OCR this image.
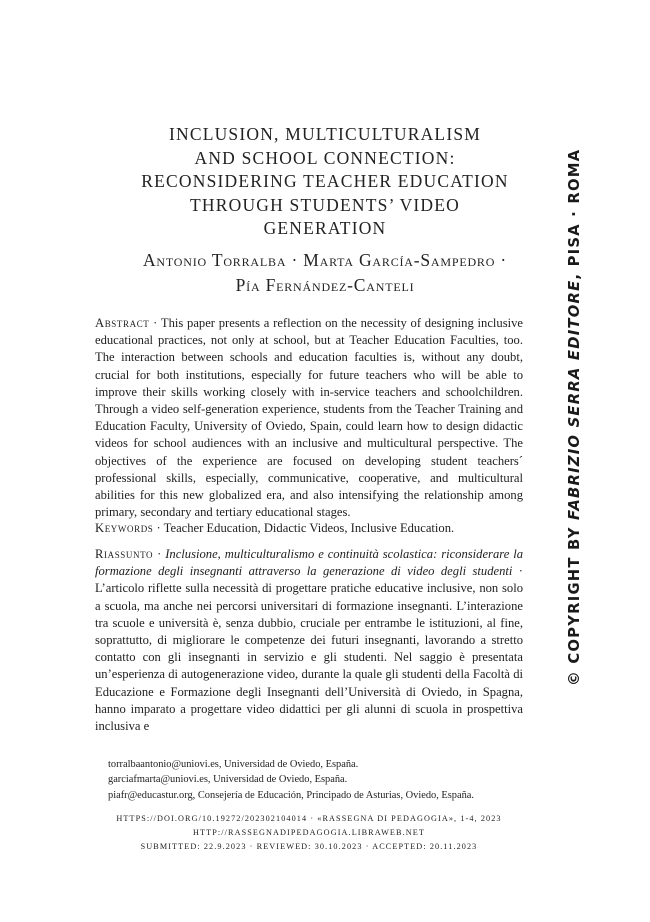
INCLUSION, MULTICULTURALISM
AND SCHOOL CONNECTION:
RECONSIDERING TEACHER EDUCATION
THROUGH STUDENTS’ VIDEO
GENERATION
Antonio Torralba · Marta García-Sampedro ·
Pía Fernández-Canteli
Abstract · This paper presents a reflection on the necessity of designing inclusive educational practices, not only at school, but at Teacher Education Faculties, too. The interaction between schools and education faculties is, without any doubt, crucial for both institutions, especially for future teachers who will be able to improve their skills working closely with in-service teachers and schoolchildren. Through a video self-generation experience, students from the Teacher Training and Education Faculty, University of Oviedo, Spain, could learn how to design didactic videos for school audiences with an inclusive and multicultural perspective. The objectives of the experience are focused on developing student teachers´ professional skills, especially, communicative, cooperative, and multicultural abilities for this new globalized era, and also intensifying the relationship among primary, secondary and tertiary educational stages.
Keywords · Teacher Education, Didactic Videos, Inclusive Education.
Riassunto · Inclusione, multiculturalismo e continuità scolastica: riconsiderare la formazione degli insegnanti attraverso la generazione di video degli studenti · L’articolo riflette sulla necessità di progettare pratiche educative inclusive, non solo a scuola, ma anche nei percorsi universitari di formazione insegnanti. L’interazione tra scuole e università è, senza dubbio, cruciale per entrambe le istituzioni, al fine, soprattutto, di migliorare le competenze dei futuri insegnanti, lavorando a stretto contatto con gli insegnanti in servizio e gli studenti. Nel saggio è presentata un’esperienza di autogenerazione video, durante la quale gli studenti della Facoltà di Educazione e Formazione degli Insegnanti dell’Università di Oviedo, in Spagna, hanno imparato a progettare video didattici per gli alunni di scuola in prospettiva inclusiva e
torralbaantonio@uniovi.es, Universidad de Oviedo, España.
garciafmarta@uniovi.es, Universidad de Oviedo, España.
piafr@educastur.org, Consejería de Educación, Principado de Asturias, Oviedo, España.
HTTPS://DOI.ORG/10.19272/202302104014 · «RASSEGNA DI PEDAGOGIA», 1-4, 2023
HTTP://RASSEGNADIPEDAGOGIA.LIBRAWEB.NET
SUBMITTED: 22.9.2023 · REVIEWED: 30.10.2023 · ACCEPTED: 20.11.2023
© COPYRIGHT BY FABRIZIO SERRA EDITORE, PISA · ROMA
